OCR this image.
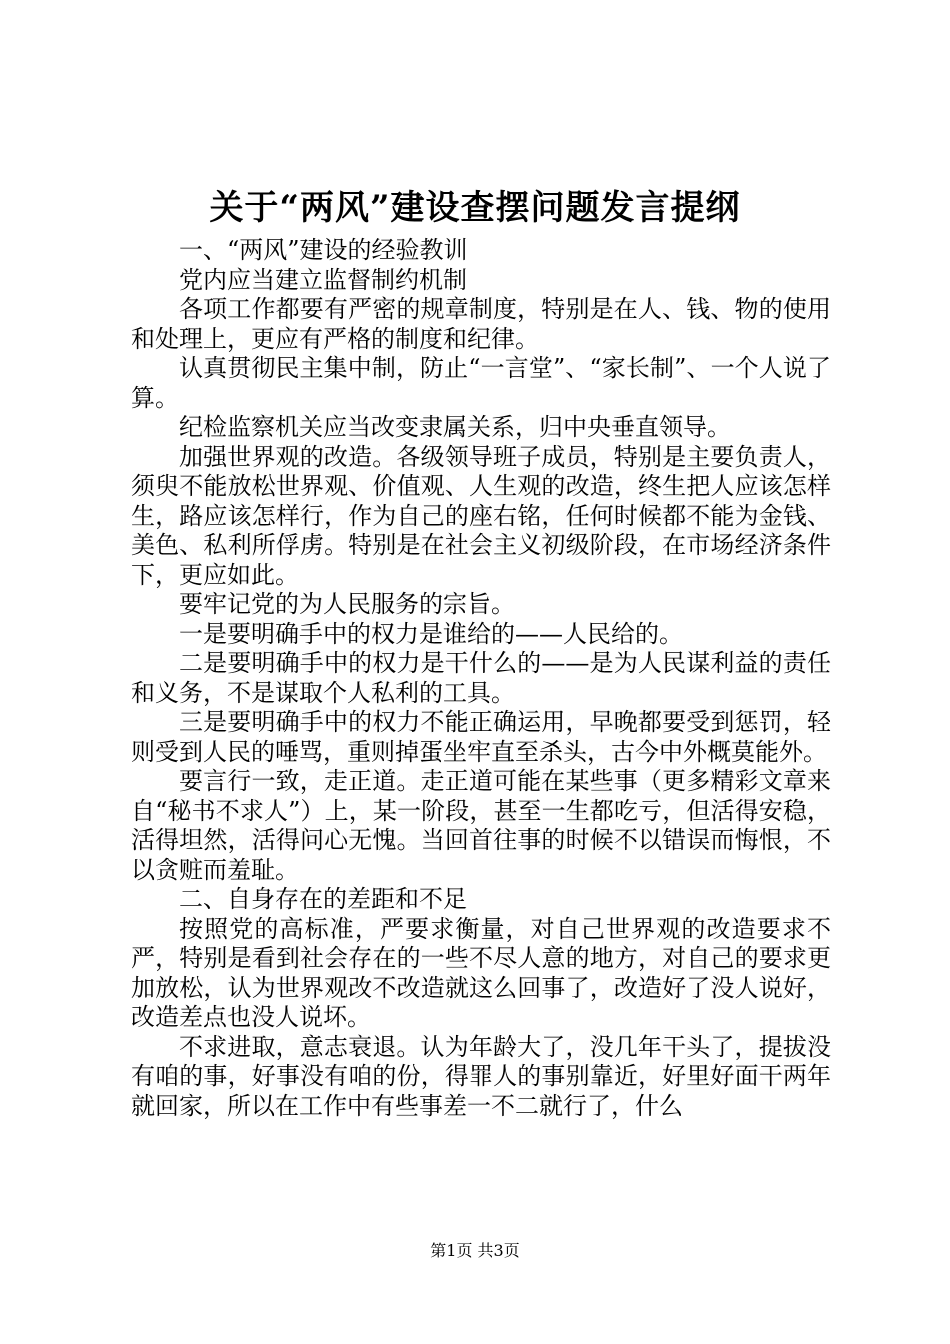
关于“两风”建设查摆问题发言提纲

一、“两风”建设的经验教训

党内应当建立监督制约机制

各项工作都要有严密的规章制度，特别是在人、钱、物的使用和处理上，更应有严格的制度和纪律。

认真贯彻民主集中制，防止“一言堂”、“家长制”、一个人说了算。

纪检监察机关应当改变隶属关系，归中央垂直领导。

加强世界观的改造。各级领导班子成员，特别是主要负责人，须臾不能放松世界观、价值观、人生观的改造，终生把人应该怎样生，路应该怎样行，作为自己的座右铭，任何时候都不能为金钱、美色、私利所俘虏。特别是在社会主义初级阶段，在市场经济条件下，更应如此。

要牢记党的为人民服务的宗旨。

一是要明确手中的权力是谁给的——人民给的。

二是要明确手中的权力是干什么的——是为人民谋利益的责任和义务，不是谋取个人私利的工具。

三是要明确手中的权力不能正确运用，早晚都要受到惩罚，轻则受到人民的唾骂，重则掉蛋坐牢直至杀头，古今中外概莫能外。

要言行一致，走正道。走正道可能在某些事（更多精彩文章来自“秘书不求人”）上，某一阶段，甚至一生都吃亏，但活得安稳，活得坦然，活得问心无愧。当回首往事的时候不以错误而悔恨，不以贪赃而羞耻。

二、自身存在的差距和不足

按照党的高标准，严要求衡量，对自己世界观的改造要求不严，特别是看到社会存在的一些不尽人意的地方，对自己的要求更加放松，认为世界观改不改造就这么回事了，改造好了没人说好，改造差点也没人说坏。

不求进取，意志衰退。认为年龄大了，没几年干头了，提拔没有咱的事，好事没有咱的份，得罪人的事别靠近，好里好面干两年就回家，所以在工作中有些事差一不二就行了，什么

第1页 共3页
